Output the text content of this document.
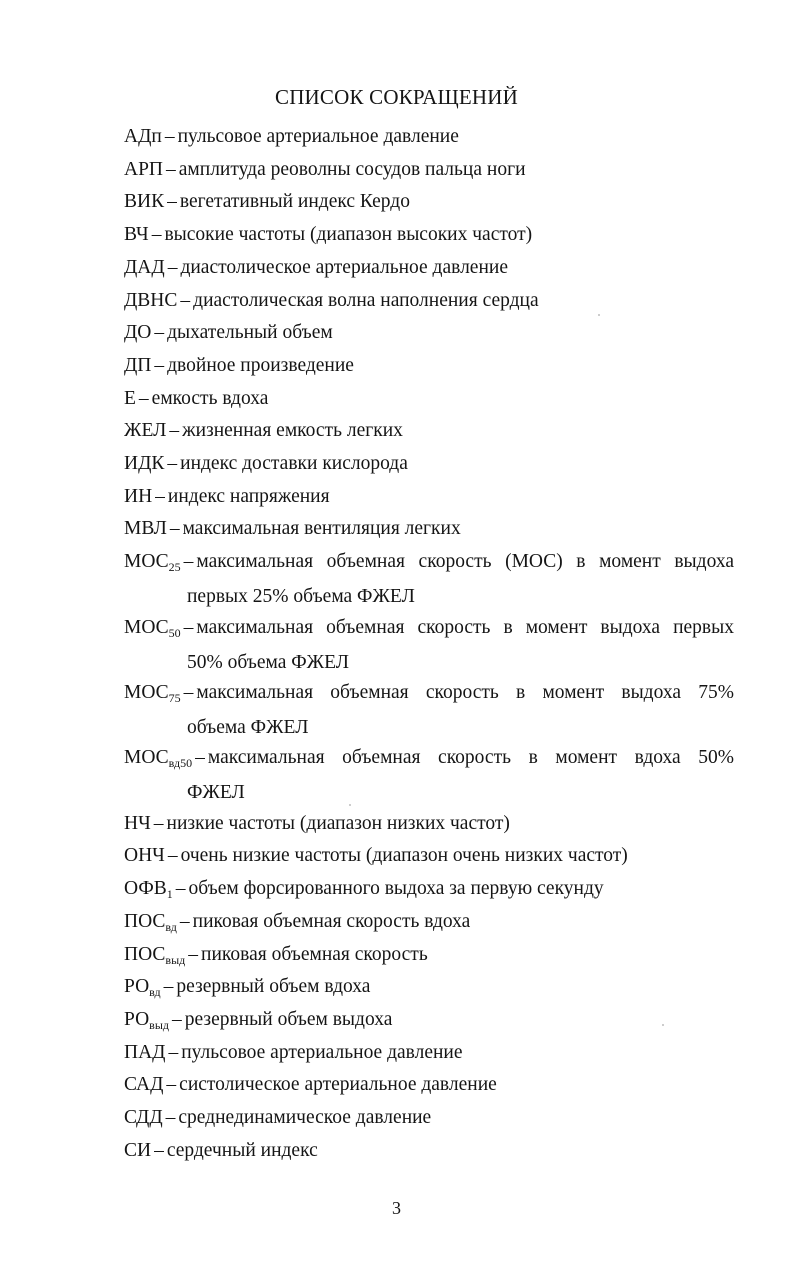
СПИСОК СОКРАЩЕНИЙ
АДп – пульсовое артериальное давление
АРП – амплитуда реоволны сосудов пальца ноги
ВИК – вегетативный индекс Кердо
ВЧ – высокие частоты (диапазон высоких частот)
ДАД – диастолическое артериальное давление
ДВНС – диастолическая волна наполнения сердца
ДО – дыхательный объем
ДП – двойное произведение
Е – емкость вдоха
ЖЕЛ – жизненная емкость легких
ИДК – индекс доставки кислорода
ИН – индекс напряжения
МВЛ – максимальная вентиляция легких
$МОС_{25}$ – максимальная объемная скорость (МОС) в момент выдоха
первых 25% объема ФЖЕЛ
$МОС_{50}$ – максимальная объемная скорость в момент выдоха первых
50% объема ФЖЕЛ
$МОС_{75}$ – максимальная объемная скорость в момент выдоха 75%
объема ФЖЕЛ
$МОС_{вд50}$ – максимальная объемная скорость в момент вдоха 50%
ФЖЕЛ
НЧ – низкие частоты (диапазон низких частот)
ОНЧ – очень низкие частоты (диапазон очень низких частот)
$ОФВ_1$ – объем форсированного выдоха за первую секунду
$ПОС_{вд}$ – пиковая объемная скорость вдоха
$ПОС_{выд}$ – пиковая объемная скорость
$РО_{вд}$ – резервный объем вдоха
$РО_{выд}$ – резервный объем выдоха
ПАД – пульсовое артериальное давление
САД – систолическое артериальное давление
СДД – среднединамическое давление
СИ – сердечный индекс
3
